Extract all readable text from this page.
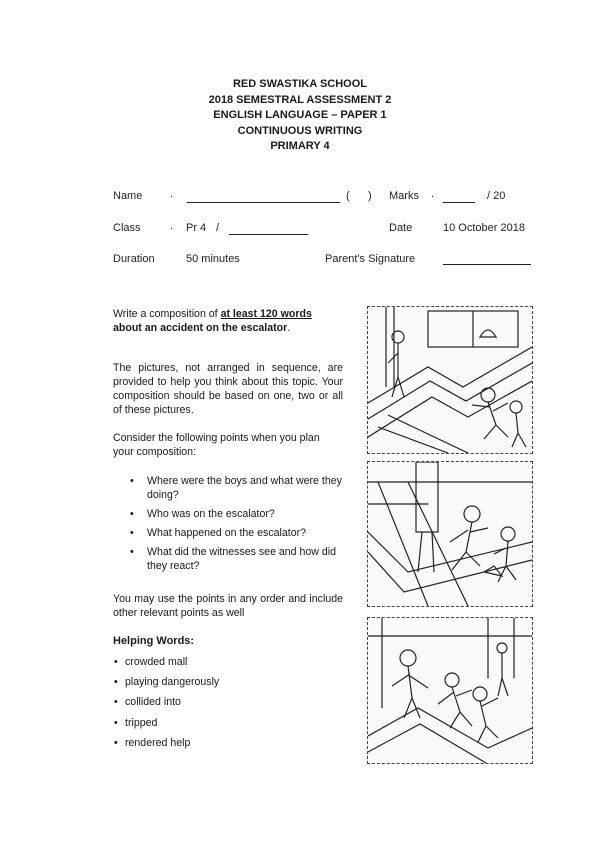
RED SWASTIKA SCHOOL
2018 SEMESTRAL ASSESSMENT 2
ENGLISH LANGUAGE – PAPER 1
CONTINUOUS WRITING
PRIMARY 4
Name	.	( ) Marks .	/ 20
Class	. Pr 4 /	Date	10 October 2018
Duration	50 minutes	Parent's Signature

Write a composition of at least 120 words
about an accident on the escalator.

The pictures, not arranged in sequence, are provided to help you think about this topic. Your composition should be based on one, two or all of these pictures.
Consider the following points when you plan
your composition:
• Where were the boys and what were they doing?
• Who was on the escalator?
• What happened on the escalator?
• What did the witnesses see and how did they react?
You may use the points in any order and include other relevant points as well
Helping Words:
• crowded mall
• playing dangerously
• collided into
• tripped
• rendered help
